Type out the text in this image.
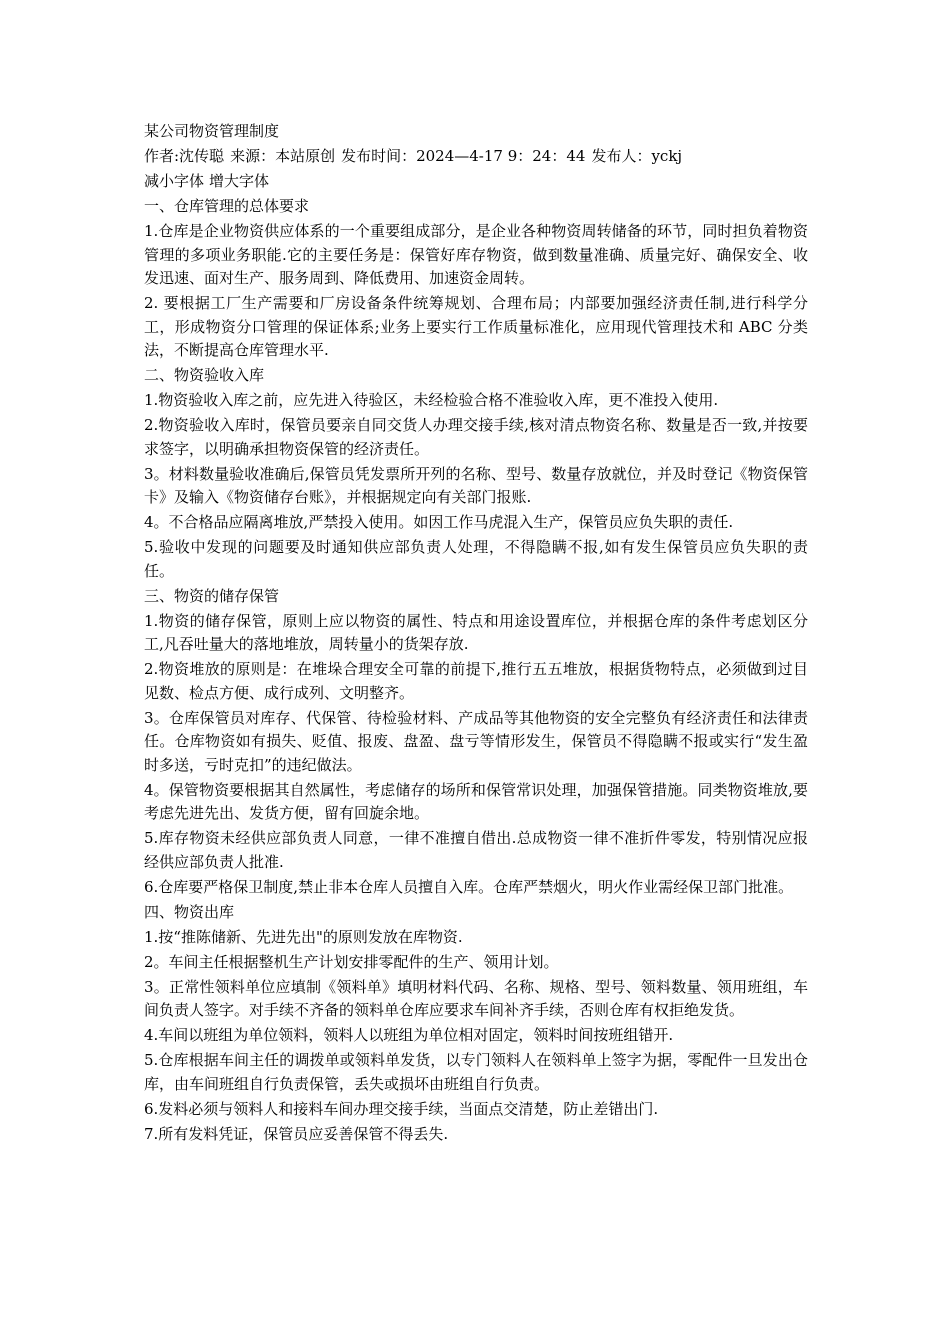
某公司物资管理制度

作者:沈传聪 来源：本站原创 发布时间：2024—4-17 9：24：44 发布人：yckj

减小字体 增大字体

一、仓库管理的总体要求

1.仓库是企业物资供应体系的一个重要组成部分，是企业各种物资周转储备的环节，同时担负着物资管理的多项业务职能.它的主要任务是：保管好库存物资，做到数量准确、质量完好、确保安全、收发迅速、面对生产、服务周到、降低费用、加速资金周转。

2. 要根据工厂生产需要和厂房设备条件统筹规划、合理布局；内部要加强经济责任制,进行科学分工，形成物资分口管理的保证体系;业务上要实行工作质量标准化，应用现代管理技术和 ABC 分类法，不断提高仓库管理水平.

二、物资验收入库

1.物资验收入库之前，应先进入待验区，未经检验合格不准验收入库，更不准投入使用.

2.物资验收入库时，保管员要亲自同交货人办理交接手续,核对清点物资名称、数量是否一致,并按要求签字，以明确承担物资保管的经济责任。

3。材料数量验收准确后,保管员凭发票所开列的名称、型号、数量存放就位，并及时登记《物资保管卡》及输入《物资储存台账》，并根据规定向有关部门报账.

4。不合格品应隔离堆放,严禁投入使用。如因工作马虎混入生产，保管员应负失职的责任.

5.验收中发现的问题要及时通知供应部负责人处理，不得隐瞒不报,如有发生保管员应负失职的责任。

三、物资的储存保管

1.物资的储存保管，原则上应以物资的属性、特点和用途设置库位，并根据仓库的条件考虑划区分工,凡吞吐量大的落地堆放，周转量小的货架存放.

2.物资堆放的原则是：在堆垛合理安全可靠的前提下,推行五五堆放，根据货物特点，必须做到过目见数、检点方便、成行成列、文明整齐。

3。仓库保管员对库存、代保管、待检验材料、产成品等其他物资的安全完整负有经济责任和法律责任。仓库物资如有损失、贬值、报废、盘盈、盘亏等情形发生，保管员不得隐瞒不报或实行“发生盈时多送，亏时克扣”的违纪做法。

4。保管物资要根据其自然属性，考虑储存的场所和保管常识处理，加强保管措施。同类物资堆放,要考虑先进先出、发货方便，留有回旋余地。

5.库存物资未经供应部负责人同意，一律不准擅自借出.总成物资一律不准折件零发，特别情况应报经供应部负责人批准.

6.仓库要严格保卫制度,禁止非本仓库人员擅自入库。仓库严禁烟火，明火作业需经保卫部门批准。

四、物资出库

1.按“推陈储新、先进先出"的原则发放在库物资.

2。车间主任根据整机生产计划安排零配件的生产、领用计划。

3。正常性领料单位应填制《领料单》填明材料代码、名称、规格、型号、领料数量、领用班组，车间负责人签字。对手续不齐备的领料单仓库应要求车间补齐手续，否则仓库有权拒绝发货。

4.车间以班组为单位领料，领料人以班组为单位相对固定，领料时间按班组错开.

5.仓库根据车间主任的调拨单或领料单发货，以专门领料人在领料单上签字为据，零配件一旦发出仓库，由车间班组自行负责保管，丢失或损坏由班组自行负责。

6.发料必须与领料人和接料车间办理交接手续，当面点交清楚，防止差错出门.

7.所有发料凭证，保管员应妥善保管不得丢失.
